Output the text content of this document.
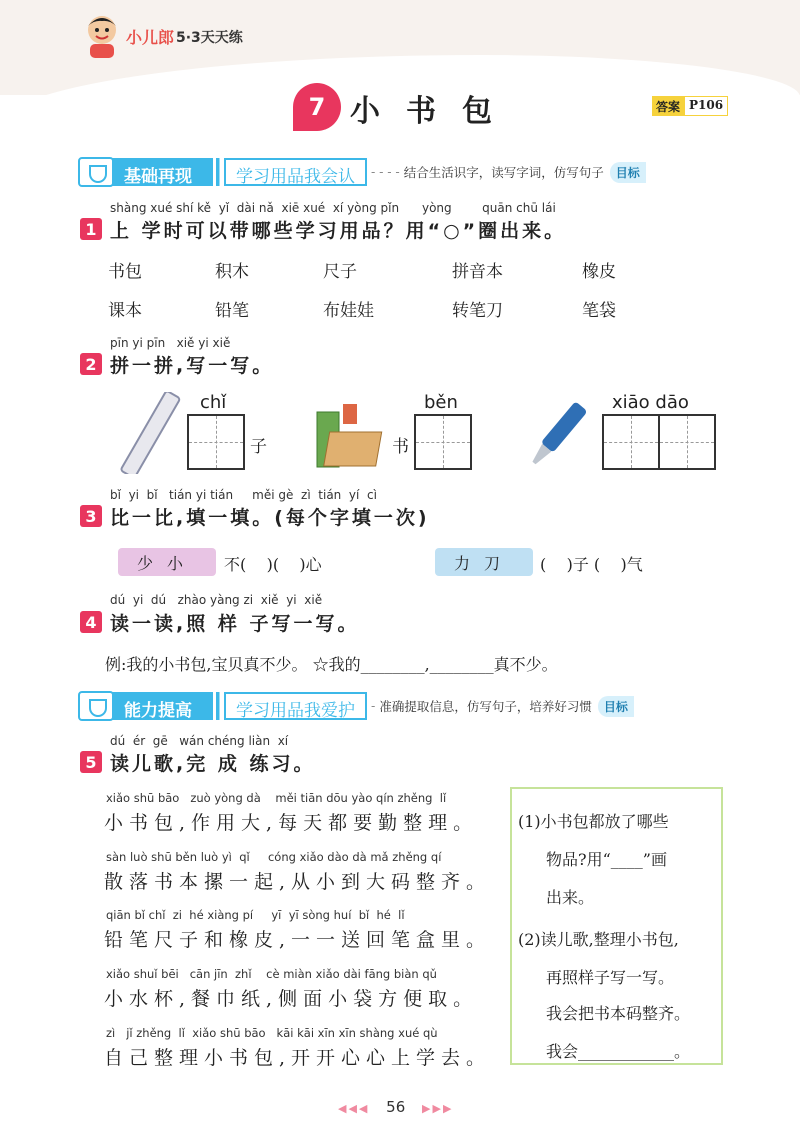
小儿郎 5·3天天练
7 小书包	答案 P106
基础再现	学习用品我会认	- - - - 结合生活识字，读写字词，仿写句子	目标
shàng xué shí kě  yǐ  dài nǎ  xiē xué  xí yòng pǐn      yòng        quān chū lái
1 上 学时可以带哪些学习用品？用“○”圈出来。
书包	积木	尺子	拼音本	橡皮
课本	铅笔	布娃娃	转笔刀	笔袋
pīn yi pīn   xiě yi xiě
2 拼一拼,写一写。
chǐ
子	书
běn	xiāo dāo
bǐ  yi  bǐ   tián yi tián     měi gè  zì  tián  yí  cì
3 比一比,填一填。(每个字填一次)
少小	不(    )(    )心	力刀	(    )子 (    )气
dú  yi  dú   zhào yàng zi  xiě  yi  xiě
4 读一读,照 样 子写一写。
例:我的小书包,宝贝真不少。 ☆我的________,________真不少。
能力提高	学习用品我爱护	- 准确提取信息，仿写句子，培养好习惯	目标
dú  ér  gē   wán chéng liàn  xí
5 读儿歌,完 成 练习。
xiǎo shū bāo   zuò yòng dà    měi tiān dōu yào qín zhěng  lǐ
小书包,作用大,每天都要勤整理。
sàn luò shū běn luò yì  qǐ     cóng xiǎo dào dà mǎ zhěng qí
散落书本摞一起,从小到大码整齐。
qiān bǐ chǐ  zi  hé xiàng pí     yī  yī sòng huí  bǐ  hé  lǐ
铅笔尺子和橡皮,一一送回笔盒里。
xiǎo shuǐ bēi   cān jīn  zhǐ    cè miàn xiǎo dài fāng biàn qǔ
小水杯,餐巾纸,侧面小袋方便取。
zì   jǐ zhěng  lǐ  xiǎo shū bāo   kāi kāi xīn xīn shàng xué qù
自己整理小书包,开开心心上学去。
(1)小书包都放了哪些
物品?用“____”画
出来。
(2)读儿歌,整理小书包,
再照样子写一写。
我会把书本码整齐。
我会____________。
◀◀◀ 56 ▶▶▶
